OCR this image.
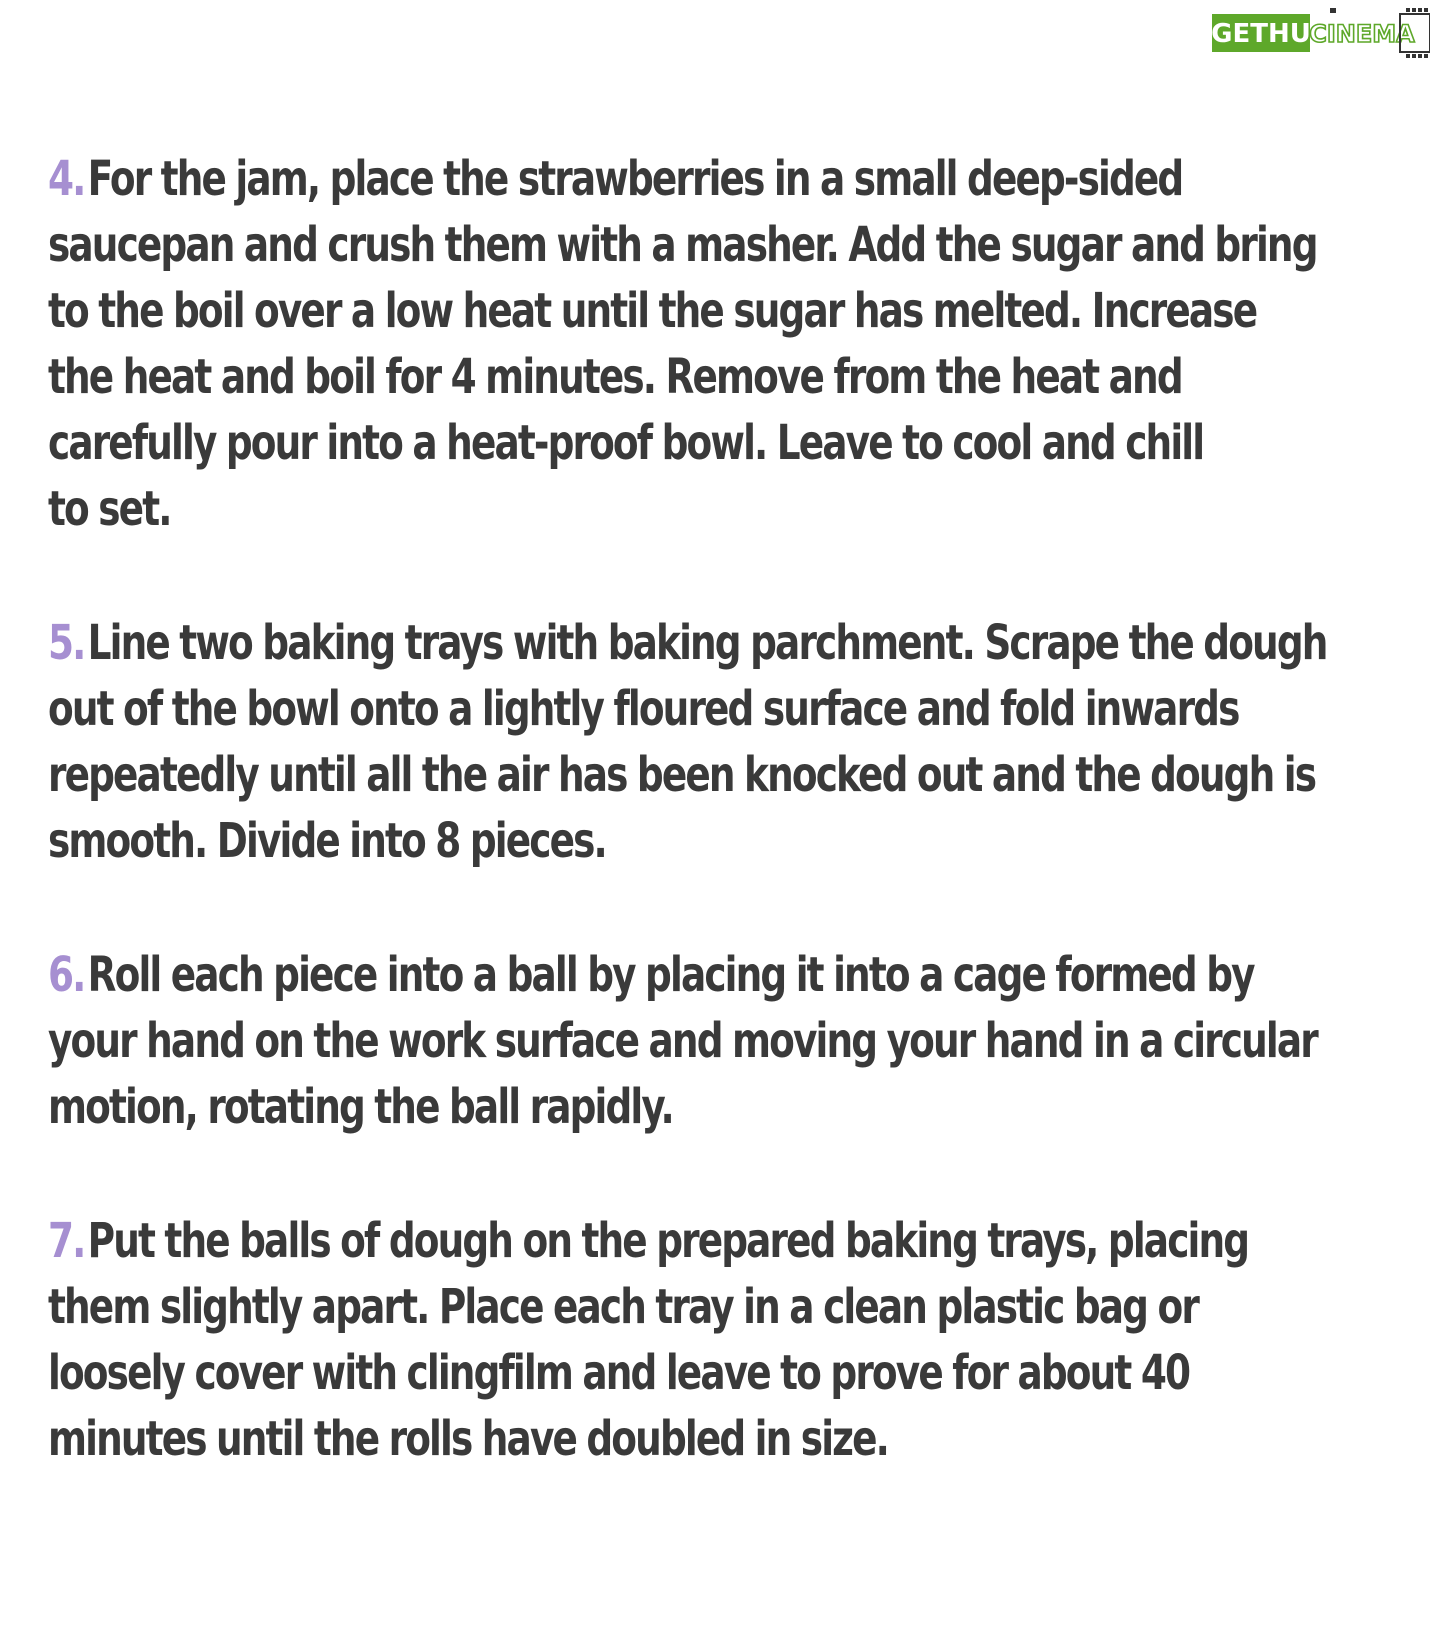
GETHU
CINEMA

4.For the jam, place the strawberries in a small deep-sided
saucepan and crush them with a masher. Add the sugar and bring
to the boil over a low heat until the sugar has melted. Increase
the heat and boil for 4 minutes. Remove from the heat and
carefully pour into a heat-proof bowl. Leave to cool and chill
to set.

5.Line two baking trays with baking parchment. Scrape the dough
out of the bowl onto a lightly floured surface and fold inwards
repeatedly until all the air has been knocked out and the dough is
smooth. Divide into 8 pieces.

6.Roll each piece into a ball by placing it into a cage formed by
your hand on the work surface and moving your hand in a circular
motion, rotating the ball rapidly.

7.Put the balls of dough on the prepared baking trays, placing
them slightly apart. Place each tray in a clean plastic bag or
loosely cover with clingfilm and leave to prove for about 40
minutes until the rolls have doubled in size.
